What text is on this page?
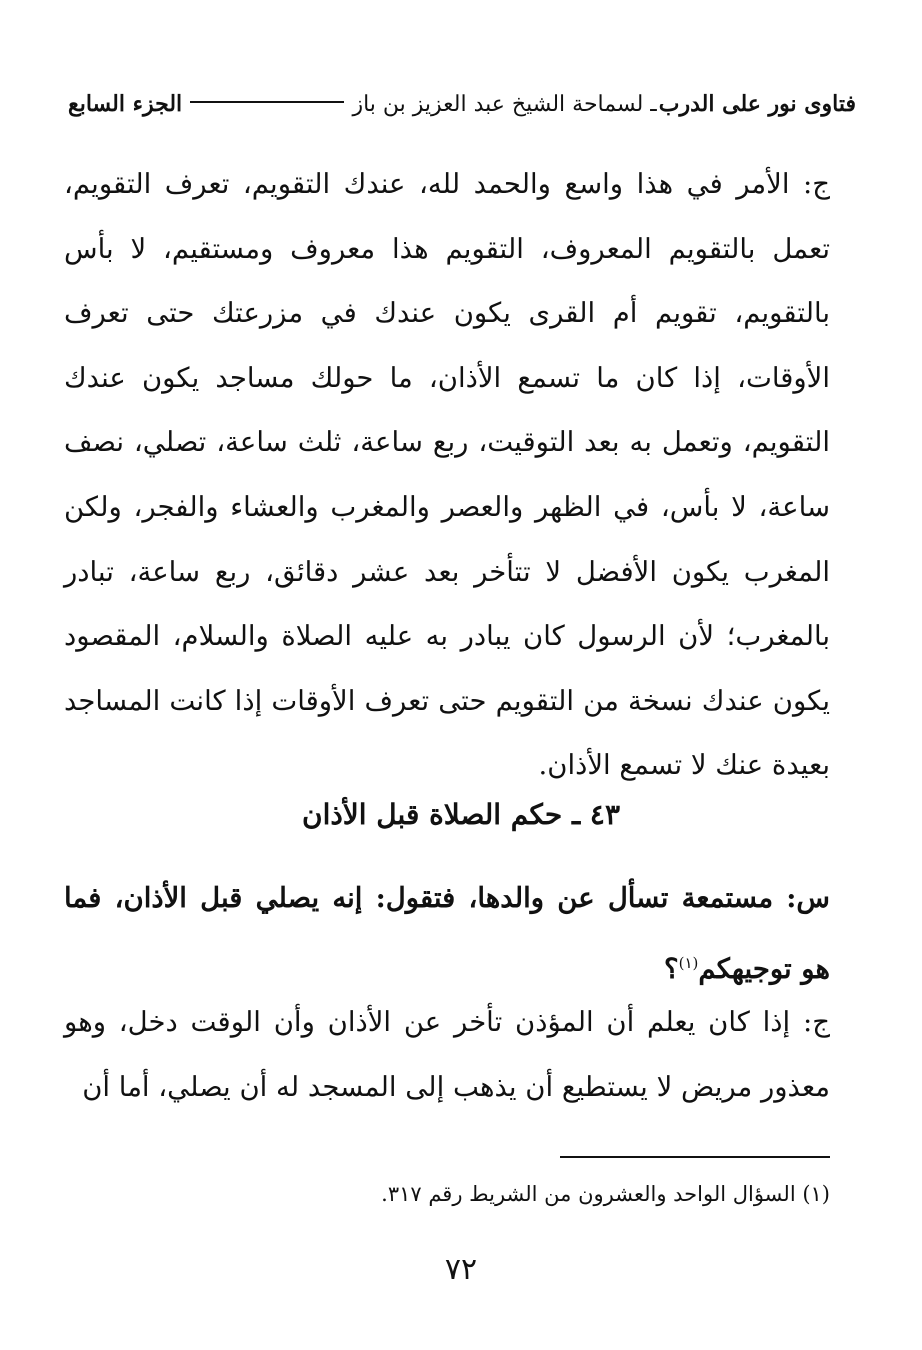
فتاوى نور على الدرب
ـ لسماحة الشيخ عبد العزيز بن باز
الجزء السابع

ج: الأمر في هذا واسع والحمد لله، عندك التقويم، تعرف التقويم، تعمل بالتقويم المعروف، التقويم هذا معروف ومستقيم، لا بأس بالتقويم، تقويم أم القرى يكون عندك في مزرعتك حتى تعرف الأوقات، إذا كان ما تسمع الأذان، ما حولك مساجد يكون عندك التقويم، وتعمل به بعد التوقيت، ربع ساعة، ثلث ساعة، تصلي، نصف ساعة، لا بأس، في الظهر والعصر والمغرب والعشاء والفجر، ولكن المغرب يكون الأفضل لا تتأخر بعد عشر دقائق، ربع ساعة، تبادر بالمغرب؛ لأن الرسول كان يبادر به عليه الصلاة والسلام، المقصود يكون عندك نسخة من التقويم حتى تعرف الأوقات إذا كانت المساجد بعيدة عنك لا تسمع الأذان.

٤٣ ـ حكم الصلاة قبل الأذان

س: مستمعة تسأل عن والدها، فتقول: إنه يصلي قبل الأذان، فما هو توجيهكم$^{(١)}$؟

ج: إذا كان يعلم أن المؤذن تأخر عن الأذان وأن الوقت دخل، وهو معذور مريض لا يستطيع أن يذهب إلى المسجد له أن يصلي، أما أن

(١) السؤال الواحد والعشرون من الشريط رقم ٣١٧.
٧٢
